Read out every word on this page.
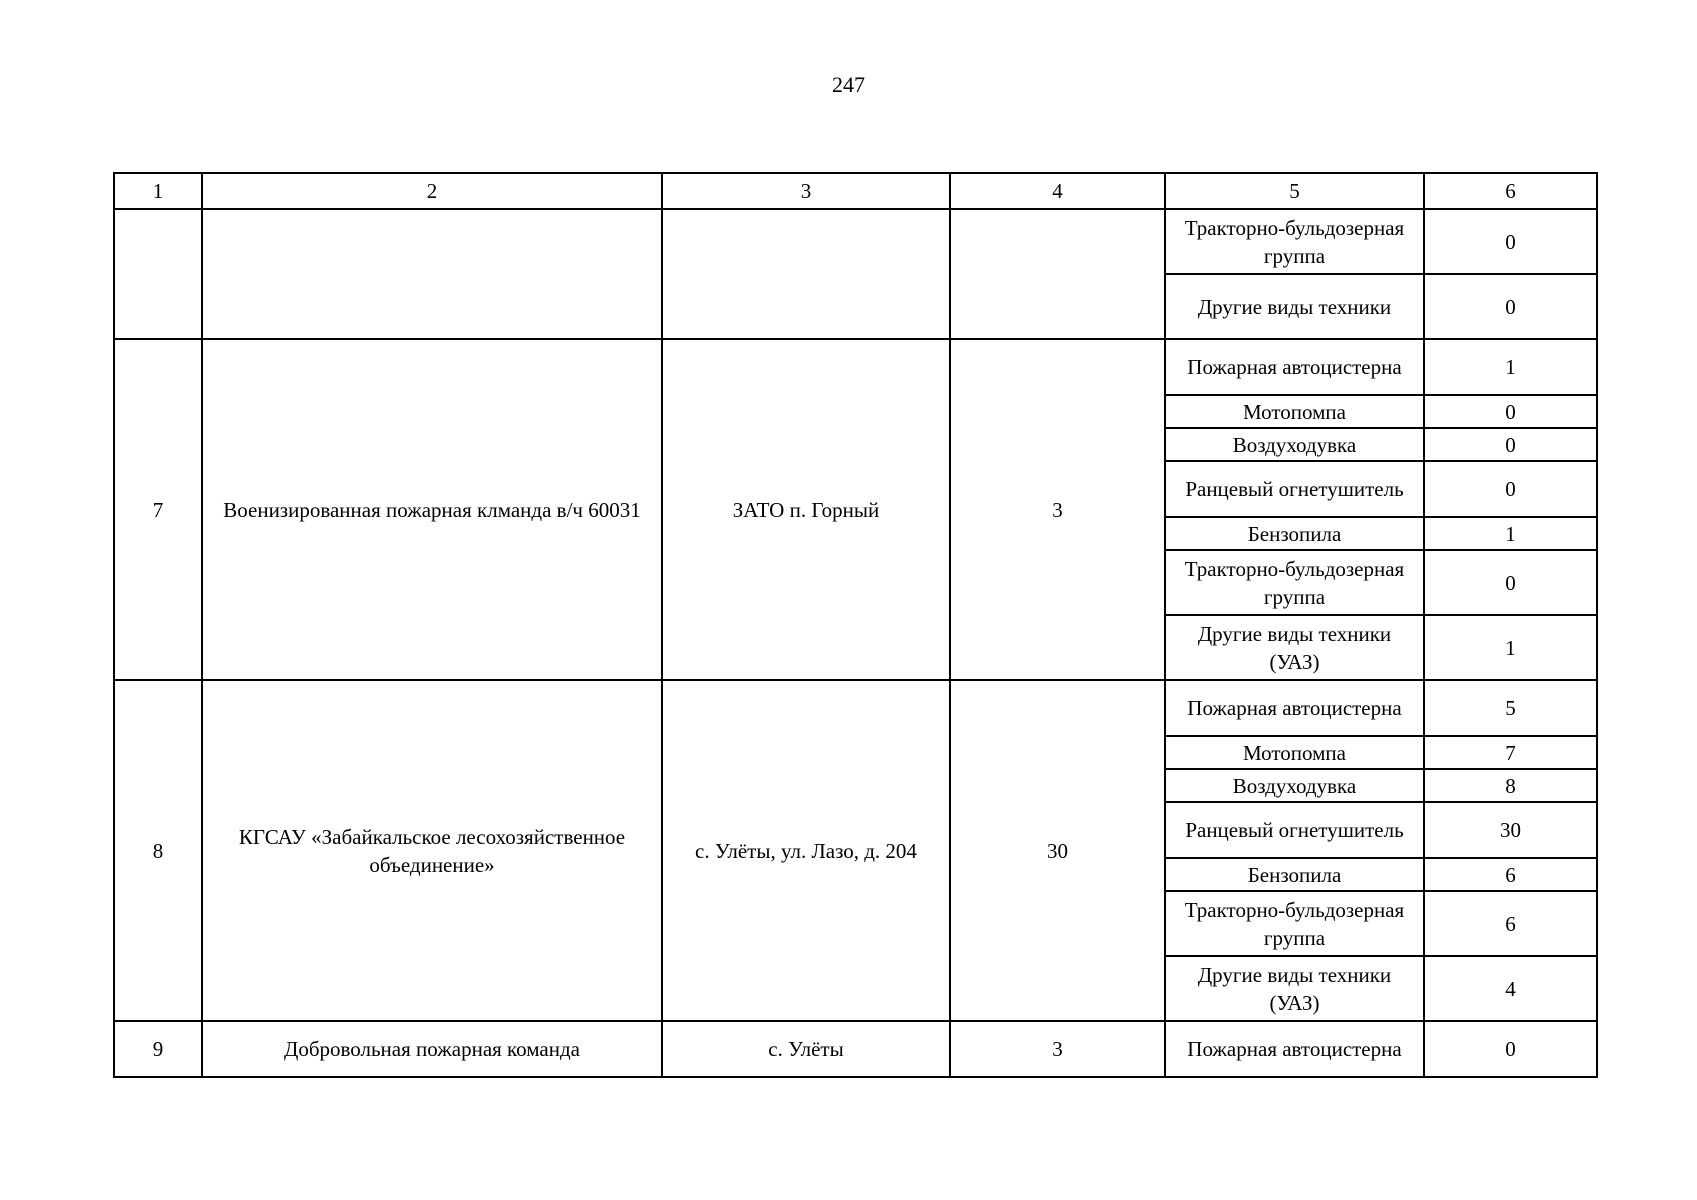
247
1	2	3	4	5	6
				Тракторно-бульдозерная группа	0
				Другие виды техники	0
7	Военизированная пожарная клманда в/ч 60031	ЗАТО п. Горный	3	Пожарная автоцистерна	1
				Мотопомпа	0
				Воздуходувка	0
				Ранцевый огнетушитель	0
				Бензопила	1
				Тракторно-бульдозерная группа	0
				Другие виды техники (УАЗ)	1
8	КГСАУ «Забайкальское лесохозяйственное объединение»	с. Улёты, ул. Лазо, д. 204	30	Пожарная автоцистерна	5
				Мотопомпа	7
				Воздуходувка	8
				Ранцевый огнетушитель	30
				Бензопила	6
				Тракторно-бульдозерная группа	6
				Другие виды техники (УАЗ)	4
9	Добровольная пожарная команда	с. Улёты	3	Пожарная автоцистерна	0
